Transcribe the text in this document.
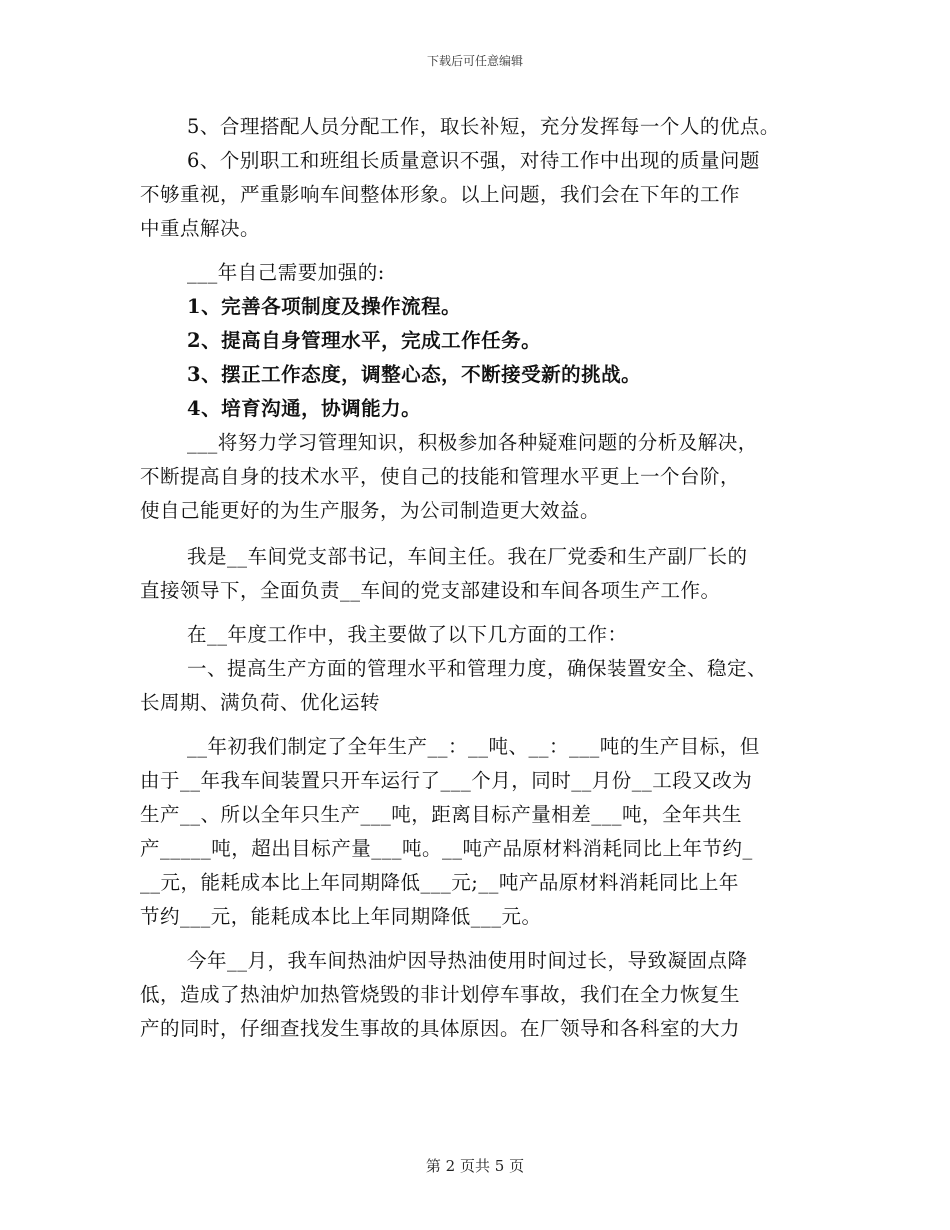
下载后可任意编辑

5、合理搭配人员分配工作，取长补短，充分发挥每一个人的优点。

6、个别职工和班组长质量意识不强，对待工作中出现的质量问题

不够重视，严重影响车间整体形象。以上问题，我们会在下年的工作

中重点解决。

___年自己需要加强的:

1、完善各项制度及操作流程。

2、提高自身管理水平，完成工作任务。

3、摆正工作态度，调整心态，不断接受新的挑战。

4、培育沟通，协调能力。

___将努力学习管理知识，积极参加各种疑难问题的分析及解决，

不断提高自身的技术水平，使自己的技能和管理水平更上一个台阶，

使自己能更好的为生产服务，为公司制造更大效益。

我是__车间党支部书记，车间主任。我在厂党委和生产副厂长的

直接领导下，全面负责__车间的党支部建设和车间各项生产工作。

在__年度工作中，我主要做了以下几方面的工作：

一、提高生产方面的管理水平和管理力度，确保装置安全、稳定、

长周期、满负荷、优化运转

__年初我们制定了全年生产__：__吨、__：___吨的生产目标，但

由于__年我车间装置只开车运行了___个月，同时__月份__工段又改为

生产__、所以全年只生产___吨，距离目标产量相差___吨，全年共生

产_____吨，超出目标产量___吨。__吨产品原材料消耗同比上年节约_

__元，能耗成本比上年同期降低___元;__吨产品原材料消耗同比上年

节约___元，能耗成本比上年同期降低___元。

今年__月，我车间热油炉因导热油使用时间过长，导致凝固点降

低，造成了热油炉加热管烧毁的非计划停车事故，我们在全力恢复生

产的同时，仔细查找发生事故的具体原因。在厂领导和各科室的大力

第 2 页共 5 页
